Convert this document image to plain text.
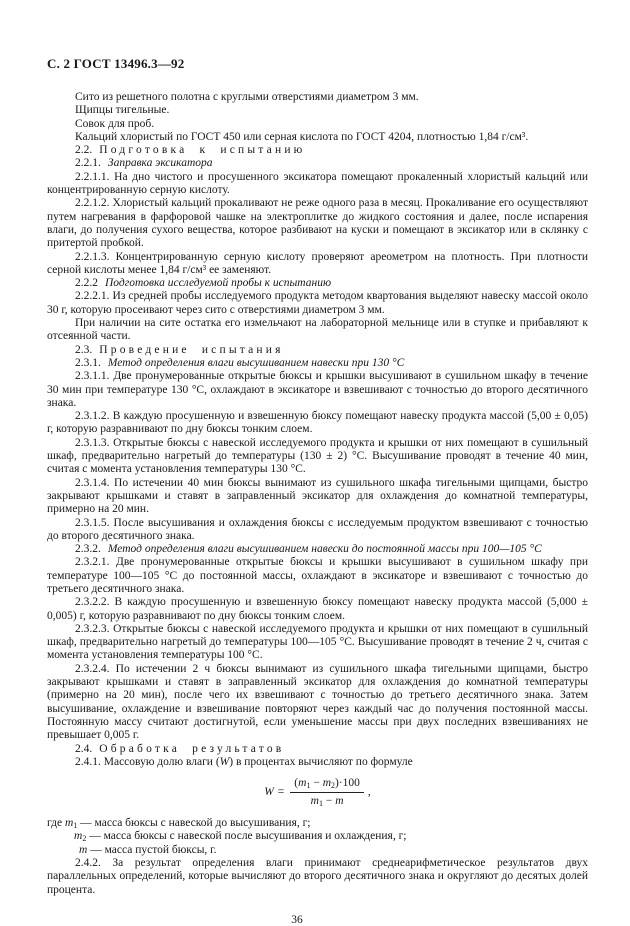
С. 2 ГОСТ 13496.3—92

Сито из решетного полотна с круглыми отверстиями диаметром 3 мм.

Щипцы тигельные.

Совок для проб.

Кальций хлористый по ГОСТ 450 или серная кислота по ГОСТ 4204, плотностью 1,84 г/см³.

2.2. Подготовка к испытанию

2.2.1. Заправка эксикатора

2.2.1.1. На дно чистого и просушенного эксикатора помещают прокаленный хлористый кальций или концентрированную серную кислоту.

2.2.1.2. Хлористый кальций прокаливают не реже одного раза в месяц. Прокаливание его осуществляют путем нагревания в фарфоровой чашке на электроплитке до жидкого состояния и далее, после испарения влаги, до получения сухого вещества, которое разбивают на куски и помещают в эксикатор или в склянку с притертой пробкой.

2.2.1.3. Концентрированную серную кислоту проверяют ареометром на плотность. При плотности серной кислоты менее 1,84 г/см³ ее заменяют.

2.2.2 Подготовка исследуемой пробы к испытанию

2.2.2.1. Из средней пробы исследуемого продукта методом квартования выделяют навеску массой около 30 г, которую просеивают через сито с отверстиями диаметром 3 мм.

При наличии на сите остатка его измельчают на лабораторной мельнице или в ступке и прибавляют к отсеянной части.

2.3. Проведение испытания

2.3.1. Метод определения влаги высушиванием навески при 130 °С

2.3.1.1. Две пронумерованные открытые бюксы и крышки высушивают в сушильном шкафу в течение 30 мин при температуре 130 °С, охлаждают в эксикаторе и взвешивают с точностью до второго десятичного знака.

2.3.1.2. В каждую просушенную и взвешенную бюксу помещают навеску продукта массой (5,00 ± 0,05) г, которую разравнивают по дну бюксы тонким слоем.

2.3.1.3. Открытые бюксы с навеской исследуемого продукта и крышки от них помещают в сушильный шкаф, предварительно нагретый до температуры (130 ± 2) °С. Высушивание проводят в течение 40 мин, считая с момента установления температуры 130 °С.

2.3.1.4. По истечении 40 мин бюксы вынимают из сушильного шкафа тигельными щипцами, быстро закрывают крышками и ставят в заправленный эксикатор для охлаждения до комнатной температуры, примерно на 20 мин.

2.3.1.5. После высушивания и охлаждения бюксы с исследуемым продуктом взвешивают с точностью до второго десятичного знака.

2.3.2. Метод определения влаги высушиванием навески до постоянной массы при 100—105 °С

2.3.2.1. Две пронумерованные открытые бюксы и крышки высушивают в сушильном шкафу при температуре 100—105 °С до постоянной массы, охлаждают в эксикаторе и взвешивают с точностью до третьего десятичного знака.

2.3.2.2. В каждую просушенную и взвешенную бюксу помещают навеску продукта массой (5,000 ± 0,005) г, которую разравнивают по дну бюксы тонким слоем.

2.3.2.3. Открытые бюксы с навеской исследуемого продукта и крышки от них помещают в сушильный шкаф, предварительно нагретый до температуры 100—105 °С. Высушивание проводят в течение 2 ч, считая с момента установления температуры 100 °С.

2.3.2.4. По истечении 2 ч бюксы вынимают из сушильного шкафа тигельными щипцами, быстро закрывают крышками и ставят в заправленный эксикатор для охлаждения до комнатной температуры (примерно на 20 мин), после чего их взвешивают с точностью до третьего десятичного знака. Затем высушивание, охлаждение и взвешивание повторяют через каждый час до получения постоянной массы. Постоянную массу считают достигнутой, если уменьшение массы при двух последних взвешиваниях не превышает 0,005 г.

2.4. Обработка результатов

2.4.1. Массовую долю влаги (W) в процентах вычисляют по формуле

$W = \frac{(m_1 - m_2)\cdot 100}{m_1 - m}$ ,
где $m_1$ — масса бюксы с навеской до высушивания, г;
$m_2$ — масса бюксы с навеской после высушивания и охлаждения, г;
m — масса пустой бюксы, г.

2.4.2. За результат определения влаги принимают среднеарифметическое результатов двух параллельных определений, которые вычисляют до второго десятичного знака и округляют до десятых долей процента.

36
